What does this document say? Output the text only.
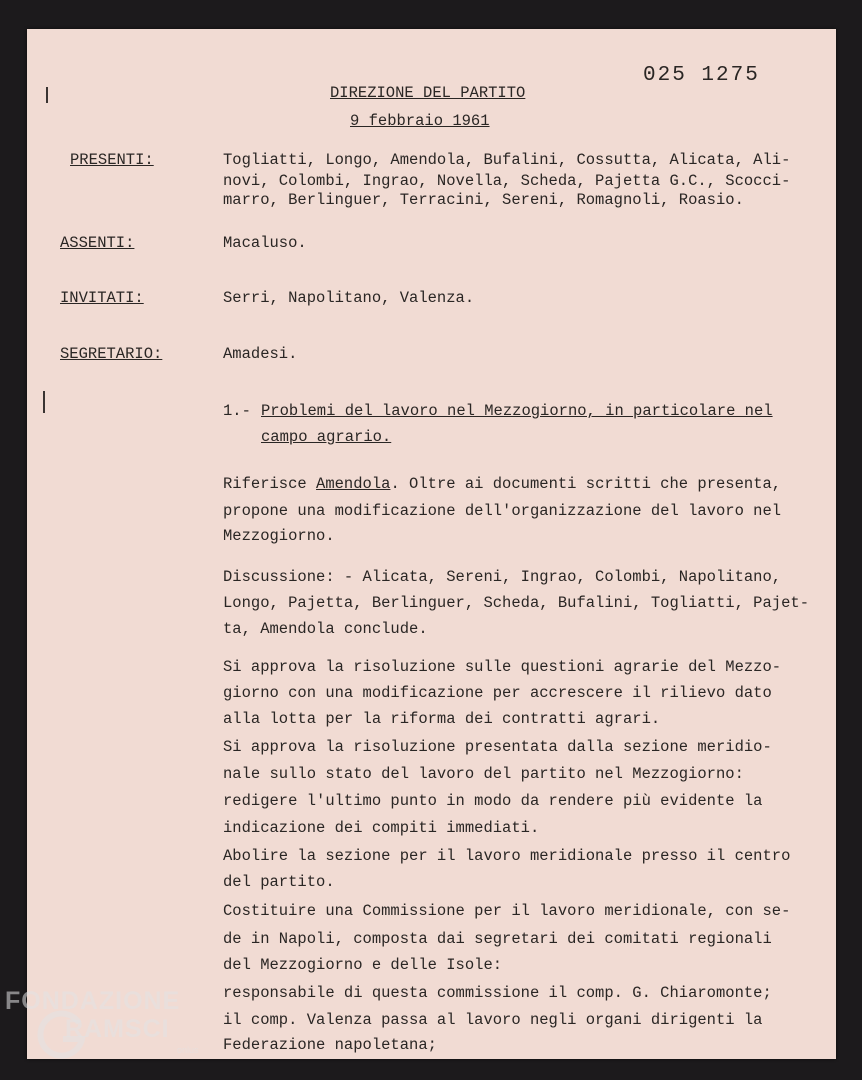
025 1275
DIREZIONE DEL PARTITO
9 febbraio 1961
PRESENTI:	Togliatti, Longo, Amendola, Bufalini, Cossutta, Alicata, Ali-
novi, Colombi, Ingrao, Novella, Scheda, Pajetta G.C., Scocci-
marro, Berlinguer, Terracini, Sereni, Romagnoli, Roasio.
ASSENTI:	Macaluso.
INVITATI:	Serri, Napolitano, Valenza.
SEGRETARIO:	Amadesi.
1.- Problemi del lavoro nel Mezzogiorno, in particolare nel
campo agrario.
Riferisce Amendola. Oltre ai documenti scritti che presenta,
propone una modificazione dell'organizzazione del lavoro nel
Mezzogiorno.
Discussione: - Alicata, Sereni, Ingrao, Colombi, Napolitano,
Longo, Pajetta, Berlinguer, Scheda, Bufalini, Togliatti, Pajet-
ta, Amendola conclude.
Si approva la risoluzione sulle questioni agrarie del Mezzo-
giorno con una modificazione per accrescere il rilievo dato
alla lotta per la riforma dei contratti agrari.
Si approva la risoluzione presentata dalla sezione meridio-
nale sullo stato del lavoro del partito nel Mezzogiorno:
redigere l'ultimo punto in modo da rendere più evidente la
indicazione dei compiti immediati.
Abolire la sezione per il lavoro meridionale presso il centro
del partito.
Costituire una Commissione per il lavoro meridionale, con se-
de in Napoli, composta dai segretari dei comitati regionali
del Mezzogiorno e delle Isole:
responsabile di questa commissione il comp. G. Chiaromonte;
il comp. Valenza passa al lavoro negli organi dirigenti la
Federazione napoletana;
FONDAZIONE
RAMSCI
onlus
